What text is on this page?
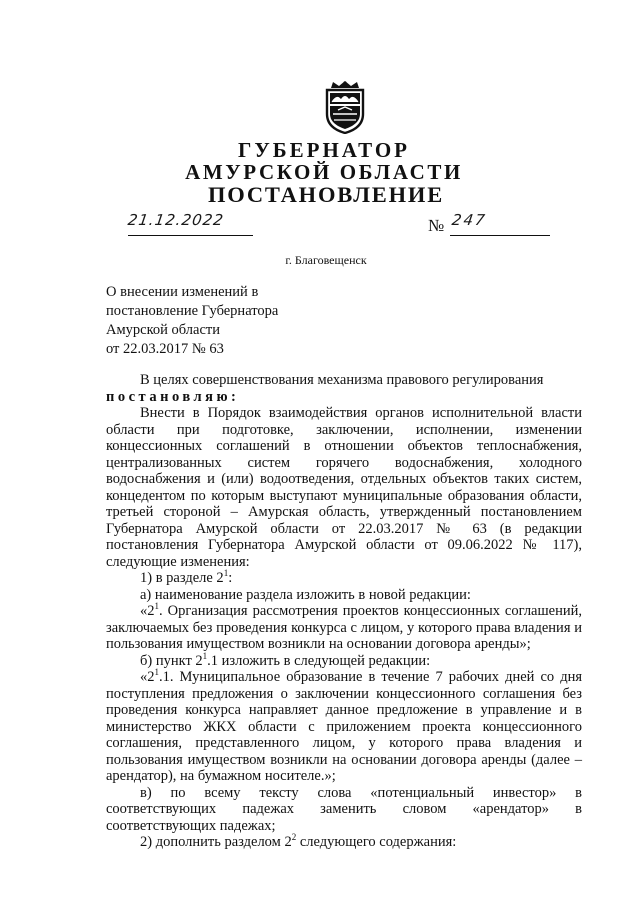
ГУБЕРНАТОР
АМУРСКОЙ ОБЛАСТИ
ПОСТАНОВЛЕНИЕ
21.12.2022	№ 247
г. Благовещенск
О внесении изменений в
постановление Губернатора
Амурской области
от 22.03.2017 № 63

В целях совершенствования механизма правового регулирования

постановляю:

Внести в Порядок взаимодействия органов исполнительной власти области при подготовке, заключении, исполнении, изменении концессионных соглашений в отношении объектов теплоснабжения, централизованных систем горячего водоснабжения, холодного водоснабжения и (или) водоотведения, отдельных объектов таких систем, концедентом по которым выступают муниципальные образования области, третьей стороной – Амурская область, утвержденный постановлением Губернатора Амурской области от 22.03.2017 № 63 (в редакции постановления Губернатора Амурской области от 09.06.2022 № 117), следующие изменения:

1) в разделе $2^1$:

а) наименование раздела изложить в новой редакции:

«$2^1$. Организация рассмотрения проектов концессионных соглашений, заключаемых без проведения конкурса с лицом, у которого права владения и пользования имуществом возникли на основании договора аренды»;

б) пункт $2^1.1$ изложить в следующей редакции:

«$2^1.1$. Муниципальное образование в течение 7 рабочих дней со дня поступления предложения о заключении концессионного соглашения без проведения конкурса направляет данное предложение в управление и в министерство ЖКХ области с приложением проекта концессионного соглашения, представленного лицом, у которого права владения и пользования имуществом возникли на основании договора аренды (далее – арендатор), на бумажном носителе.»;

в) по всему тексту слова «потенциальный инвестор» в соответствующих падежах заменить словом «арендатор» в соответствующих падежах;

2) дополнить разделом $2^2$ следующего содержания:
